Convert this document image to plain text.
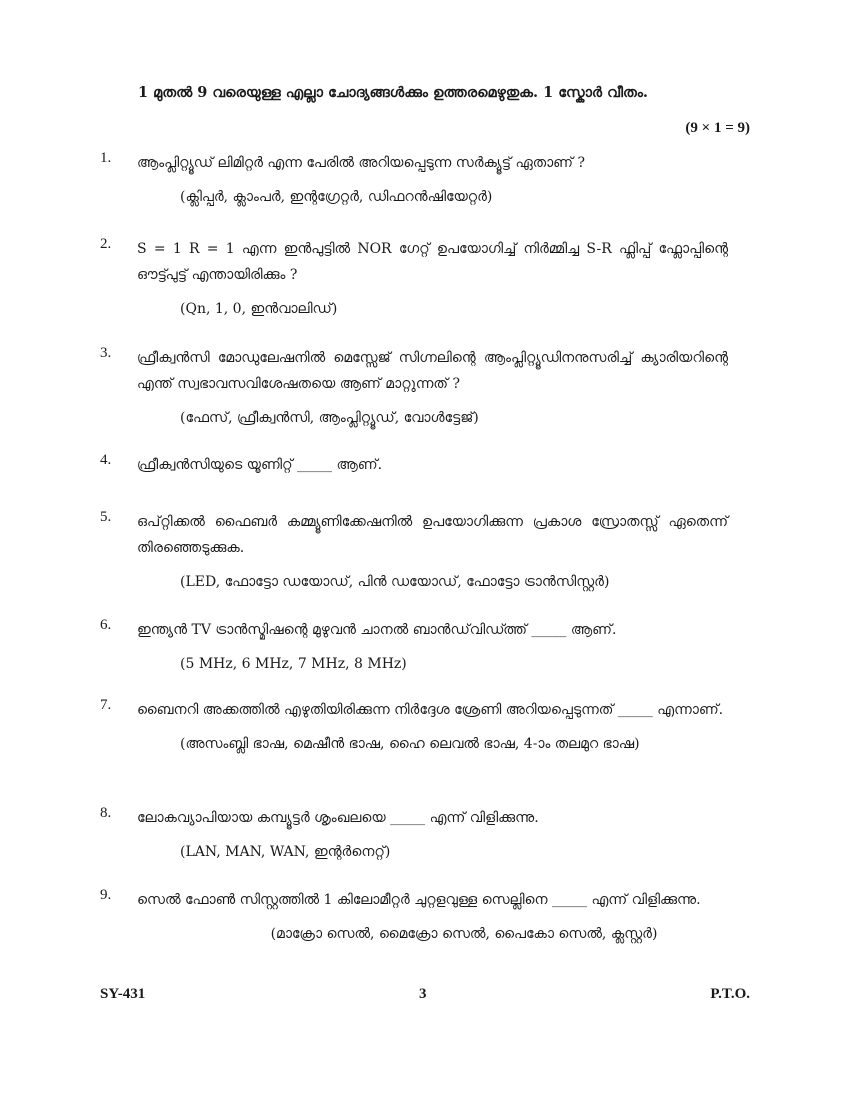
1 മുതൽ 9 വരെയുള്ള എല്ലാ ചോദ്യങ്ങൾക്കും ഉത്തരമെഴുതുക. 1 സ്കോർ വീതം.
(9 × 1 = 9)
1. ആംപ്ലിറ്റ്യൂഡ് ലിമിറ്റർ എന്ന പേരിൽ അറിയപ്പെടുന്ന സർക്യൂട്ട് ഏതാണ് ?
(ക്ലിപ്പർ, ക്ലാംപർ, ഇന്റഗ്രേറ്റർ, ഡിഫറൻഷിയേറ്റർ)
2. S = 1 R = 1 എന്ന ഇൻപുട്ടിൽ NOR ഗേറ്റ് ഉപയോഗിച്ച് നിർമ്മിച്ച S-R ഫ്ലിപ്പ് ഫ്ലോപ്പിന്റെ ഔട്ട്പുട്ട് എന്തായിരിക്കും ?
(Qn, 1, 0, ഇൻവാലിഡ്)
3. ഫ്രീക്വൻസി മോഡുലേഷനിൽ മെസ്സേജ് സിഗ്നലിന്റെ ആംപ്ലിറ്റ്യൂഡിനനുസരിച്ച് ക്യാരിയറിന്റെ എന്ത് സ്വഭാവസവിശേഷതയെ ആണ് മാറ്റുന്നത് ?
(ഫേസ്, ഫ്രീക്വൻസി, ആംപ്ലിറ്റ്യൂഡ്, വോൾട്ടേജ്)
4. ഫ്രീക്വൻസിയുടെ യൂണിറ്റ് _____ ആണ്.
5. ഒപ്റ്റിക്കൽ ഫൈബർ കമ്മ്യൂണിക്കേഷനിൽ ഉപയോഗിക്കുന്ന പ്രകാശ സ്രോതസ്സ് ഏതെന്ന് തിരഞ്ഞെടുക്കുക.
(LED, ഫോട്ടോ ഡയോഡ്, പിൻ ഡയോഡ്, ഫോട്ടോ ട്രാൻസിസ്റ്റർ)
6. ഇന്ത്യൻ TV ട്രാൻസ്മിഷന്റെ മുഴുവൻ ചാനൽ ബാൻഡ്‌വിഡ്ത്ത് _____ ആണ്.
(5 MHz, 6 MHz, 7 MHz, 8 MHz)
7. ബൈനറി അക്കത്തിൽ എഴുതിയിരിക്കുന്ന നിർദ്ദേശ ശ്രേണി അറിയപ്പെടുന്നത് _____ എന്നാണ്.
(അസംബ്ലി ഭാഷ, മെഷീൻ ഭാഷ, ഹൈ ലെവൽ ഭാഷ, 4-ാം തലമുറ ഭാഷ)
8. ലോകവ്യാപിയായ കമ്പ്യൂട്ടർ ശൃംഖലയെ _____ എന്ന് വിളിക്കുന്നു.
(LAN, MAN, WAN, ഇന്റർനെറ്റ്)
9. സെൽ ഫോൺ സിസ്റ്റത്തിൽ 1 കിലോമീറ്റർ ചുറ്റളവുള്ള സെല്ലിനെ _____ എന്ന് വിളിക്കുന്നു.
(മാക്രോ സെൽ, മൈക്രോ സെൽ, പൈകോ സെൽ, ക്ലസ്റ്റർ)
SY-431	3	P.T.O.
